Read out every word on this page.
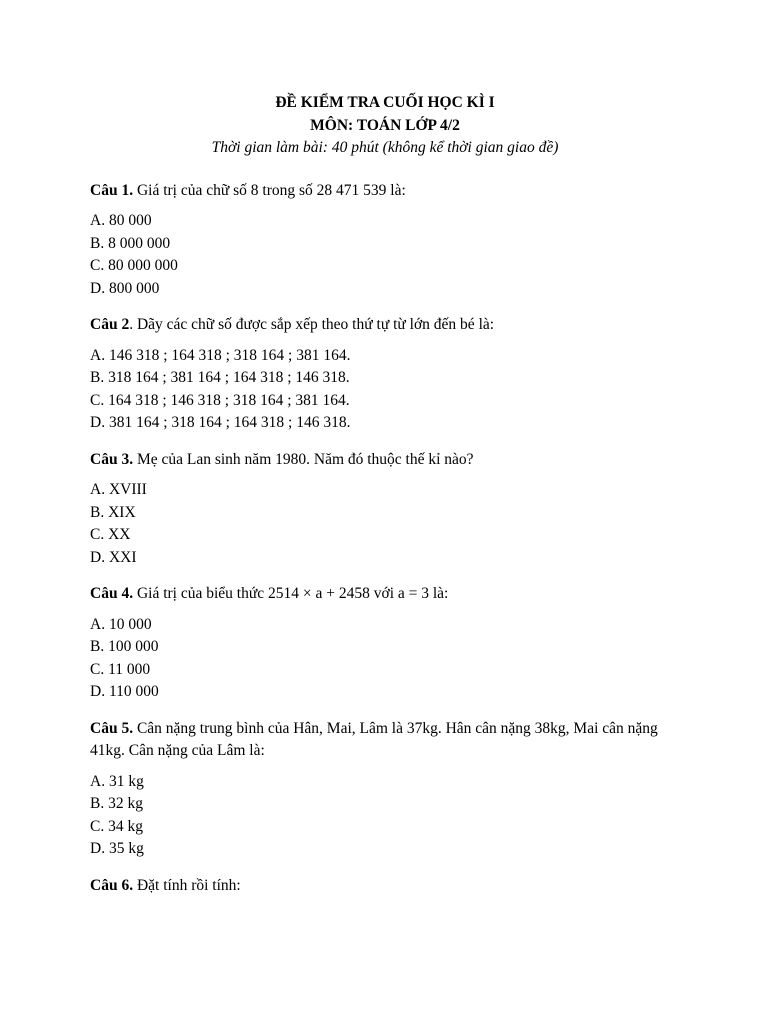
ĐỀ KIỂM TRA CUỐI HỌC KÌ I
MÔN: TOÁN LỚP 4/2
Thời gian làm bài: 40 phút (không kể thời gian giao đề)
Câu 1. Giá trị của chữ số 8 trong số 28 471 539 là:
A. 80 000
B. 8 000 000
C. 80 000 000
D. 800 000
Câu 2. Dãy các chữ số được sắp xếp theo thứ tự từ lớn đến bé là:
A. 146 318 ; 164 318 ; 318 164 ; 381 164.
B. 318 164 ; 381 164 ; 164 318 ; 146 318.
C. 164 318 ; 146 318 ; 318 164 ; 381 164.
D. 381 164 ; 318 164 ; 164 318 ; 146 318.
Câu 3. Mẹ của Lan sinh năm 1980. Năm đó thuộc thế kỉ nào?
A. XVIII
B. XIX
C. XX
D. XXI
Câu 4. Giá trị của biểu thức 2514 × a + 2458 với a = 3 là:
A. 10 000
B. 100 000
C. 11 000
D. 110 000
Câu 5. Cân nặng trung bình của Hân, Mai, Lâm là 37kg. Hân cân nặng 38kg, Mai cân nặng 41kg. Cân nặng của Lâm là:
A. 31 kg
B. 32 kg
C. 34 kg
D. 35 kg
Câu 6. Đặt tính rồi tính:
